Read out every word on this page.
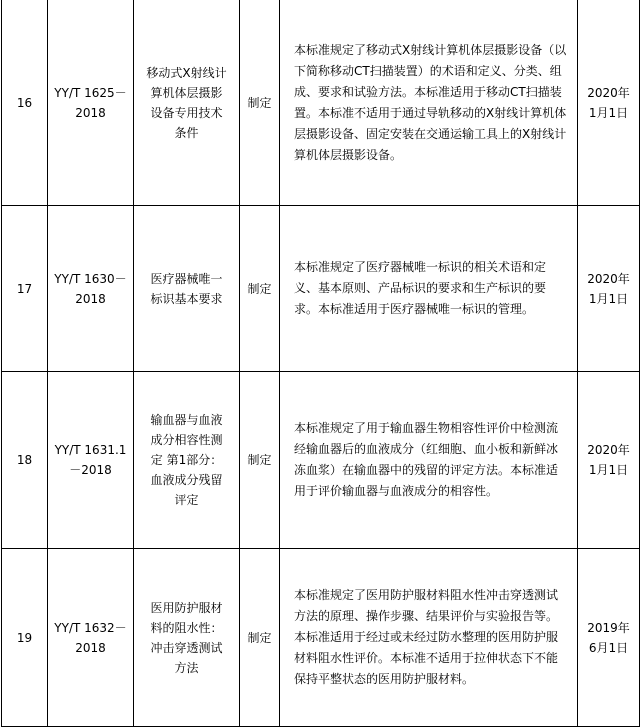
16	YY/T 1625－
2018	移动式X射线计
算机体层摄影
设备专用技术
条件	制定	本标准规定了移动式X射线计算机体层摄影设备（以下简称移动CT扫描装置）的术语和定义、分类、组成、要求和试验方法。本标准适用于移动CT扫描装置。本标准不适用于通过导轨移动的X射线计算机体层摄影设备、固定安装在交通运输工具上的X射线计算机体层摄影设备。	2020年
1月1日

17	YY/T 1630－
2018	医疗器械唯一
标识基本要求	制定	本标准规定了医疗器械唯一标识的相关术语和定义、基本原则、产品标识的要求和生产标识的要求。本标准适用于医疗器械唯一标识的管理。	2020年
1月1日

18	YY/T 1631.1
－2018	输血器与血液
成分相容性测
定 第1部分：
血液成分残留
评定	制定	本标准规定了用于输血器生物相容性评价中检测流经输血器后的血液成分（红细胞、血小板和新鲜冰冻血浆）在输血器中的残留的评定方法。本标准适用于评价输血器与血液成分的相容性。	2020年
1月1日

19	YY/T 1632－
2018	医用防护服材
料的阻水性：
冲击穿透测试
方法	制定	本标准规定了医用防护服材料阻水性冲击穿透测试方法的原理、操作步骤、结果评价与实验报告等。本标准适用于经过或未经过防水整理的医用防护服材料阻水性评价。本标准不适用于拉伸状态下不能保持平整状态的医用防护服材料。	2019年
6月1日
